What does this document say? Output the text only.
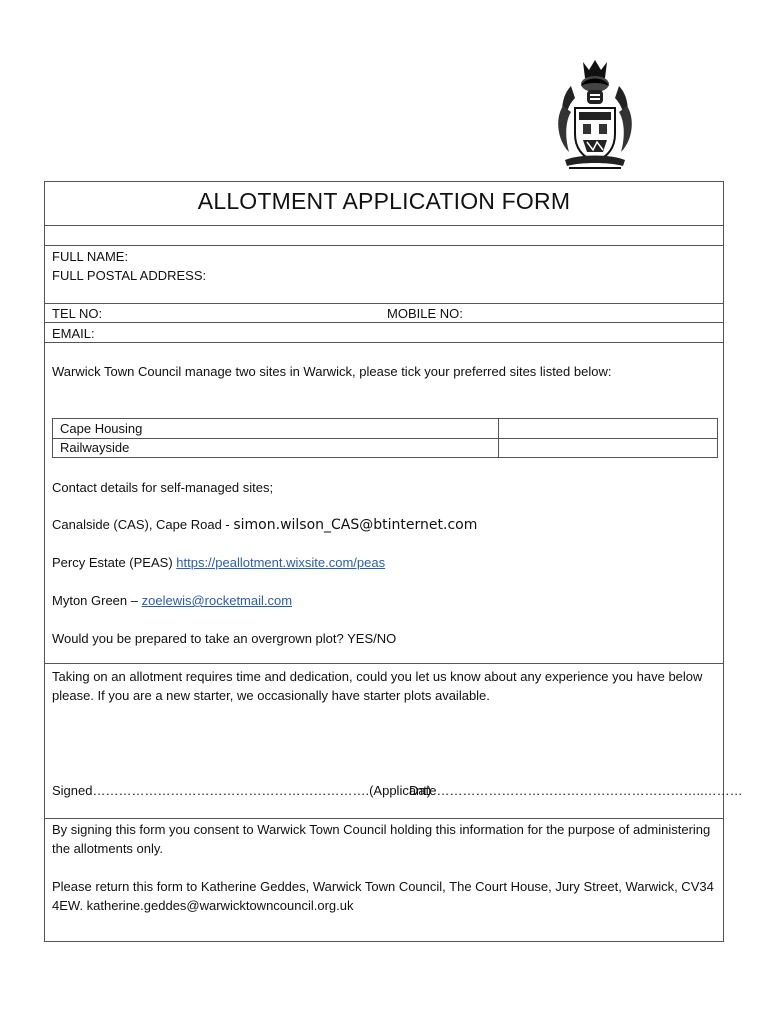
ALLOTMENT APPLICATION FORM
FULL NAME:
FULL POSTAL ADDRESS:
TEL NO:	MOBILE NO:
EMAIL:
Warwick Town Council manage two sites in Warwick, please tick your preferred sites listed below:
Cape Housing
Railwayside
Contact details for self-managed sites;
Canalside (CAS), Cape Road - simon.wilson_CAS@btinternet.com
Percy Estate (PEAS) https://peallotment.wixsite.com/peas
Myton Green – zoelewis@rocketmail.com
Would you be prepared to take an overgrown plot? YES/NO
Taking on an allotment requires time and dedication, could you let us know about any experience you have below please. If you are a new starter, we occasionally have starter plots available.
Signed……………………………………………………….(Applicant)
Date……………………………………………………..………
By signing this form you consent to Warwick Town Council holding this information for the purpose of administering the allotments only.
Please return this form to Katherine Geddes, Warwick Town Council, The Court House, Jury Street, Warwick, CV34 4EW. katherine.geddes@warwicktowncouncil.org.uk
